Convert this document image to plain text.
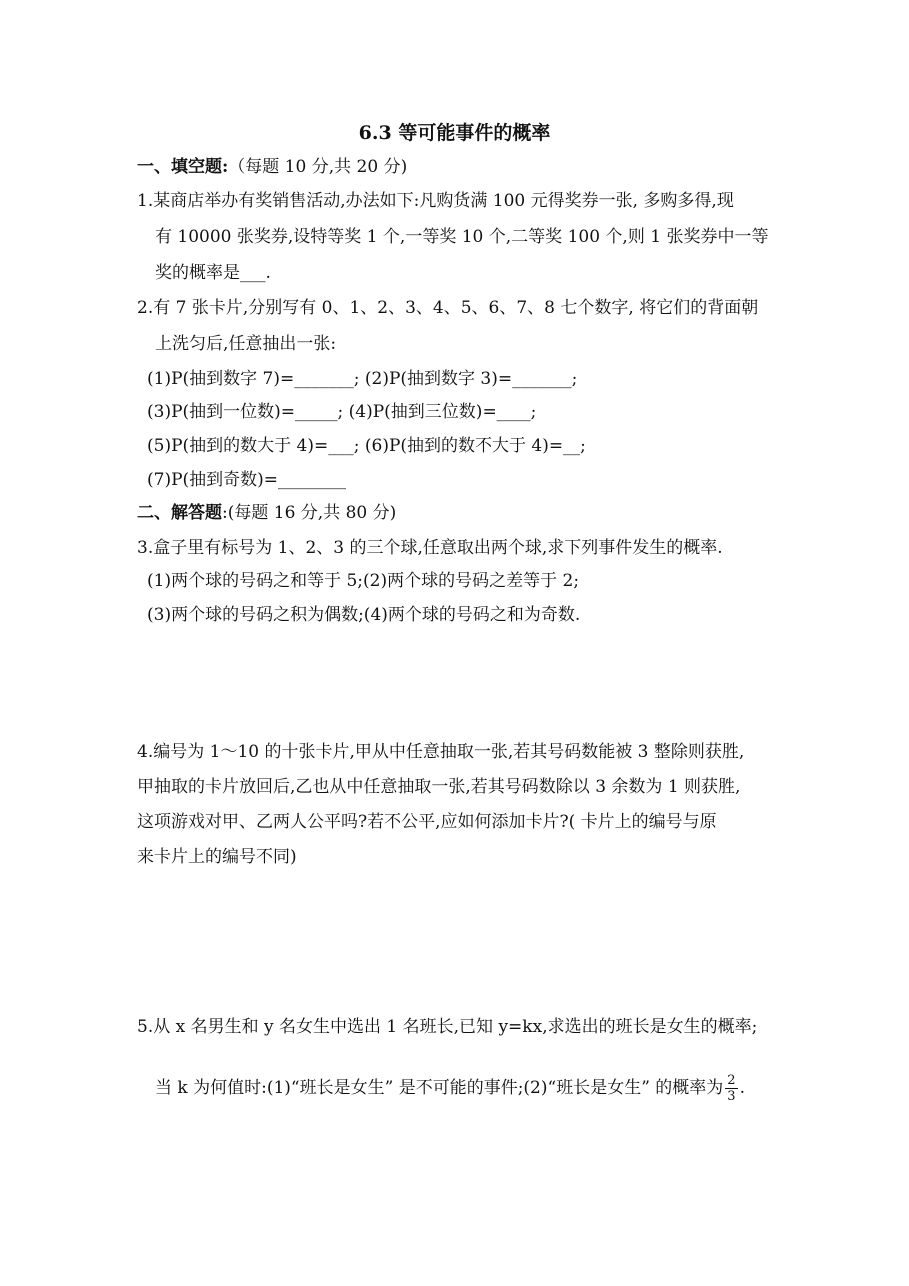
6.3 等可能事件的概率
一、填空题:（每题 10 分,共 20 分)
1.某商店举办有奖销售活动,办法如下:凡购货满 100 元得奖券一张, 多购多得,现
有 10000 张奖券,设特等奖 1 个,一等奖 10 个,二等奖 100 个,则 1 张奖券中一等
奖的概率是___.
2.有 7 张卡片,分别写有 0、1、2、3、4、5、6、7、8 七个数字, 将它们的背面朝
上洗匀后,任意抽出一张:
(1)P(抽到数字 7)=_______; (2)P(抽到数字 3)=_______;
(3)P(抽到一位数)=_____; (4)P(抽到三位数)=____;
(5)P(抽到的数大于 4)=___; (6)P(抽到的数不大于 4)=__;
(7)P(抽到奇数)=________
二、解答题:(每题 16 分,共 80 分)
3.盒子里有标号为 1、2、3 的三个球,任意取出两个球,求下列事件发生的概率.
(1)两个球的号码之和等于 5;(2)两个球的号码之差等于 2;
(3)两个球的号码之积为偶数;(4)两个球的号码之和为奇数.
4.编号为 1～10 的十张卡片,甲从中任意抽取一张,若其号码数能被 3 整除则获胜,
甲抽取的卡片放回后,乙也从中任意抽取一张,若其号码数除以 3 余数为 1 则获胜,
这项游戏对甲、乙两人公平吗?若不公平,应如何添加卡片?( 卡片上的编号与原
来卡片上的编号不同)
5.从 x 名男生和 y 名女生中选出 1 名班长,已知 y=kx,求选出的班长是女生的概率;
当 k 为何值时:(1)“班长是女生” 是不可能的事件;(2)“班长是女生” 的概率为 $\frac{2}{3}$ .
